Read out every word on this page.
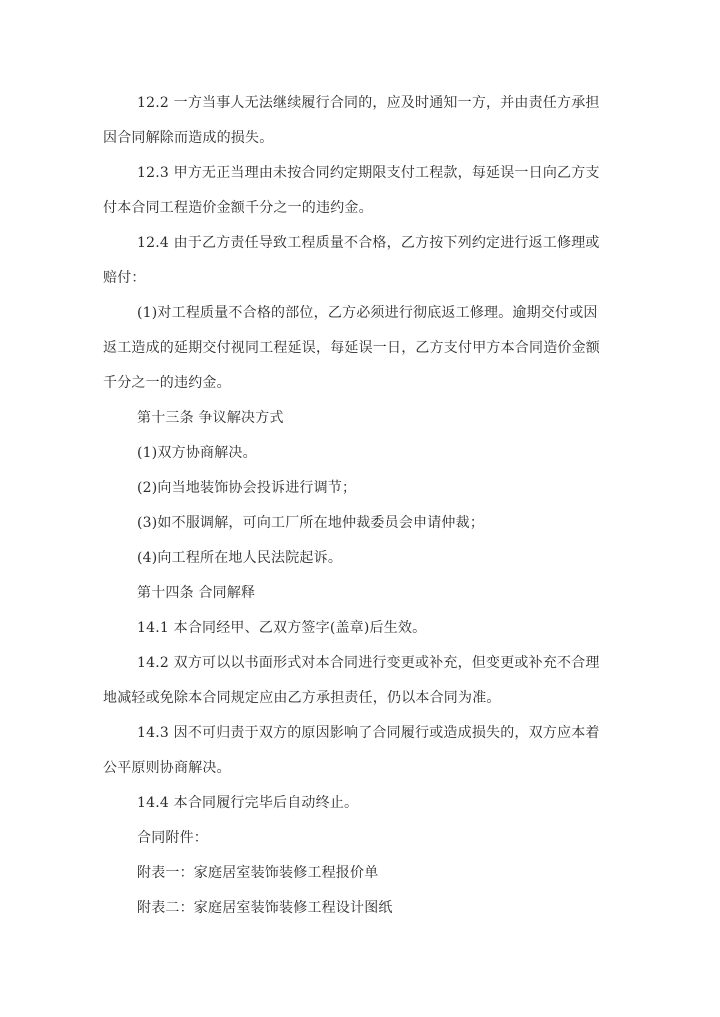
12.2 一方当事人无法继续履行合同的，应及时通知一方，并由责任方承担
因合同解除而造成的损失。
12.3 甲方无正当理由未按合同约定期限支付工程款，每延误一日向乙方支
付本合同工程造价金额千分之一的违约金。
12.4 由于乙方责任导致工程质量不合格，乙方按下列约定进行返工修理或
赔付：
(1)对工程质量不合格的部位，乙方必须进行彻底返工修理。逾期交付或因
返工造成的延期交付视同工程延误，每延误一日，乙方支付甲方本合同造价金额
千分之一的违约金。
第十三条 争议解决方式
(1)双方协商解决。
(2)向当地装饰协会投诉进行调节；
(3)如不服调解，可向工厂所在地仲裁委员会申请仲裁；
(4)向工程所在地人民法院起诉。
第十四条 合同解释
14.1 本合同经甲、乙双方签字(盖章)后生效。
14.2 双方可以以书面形式对本合同进行变更或补充，但变更或补充不合理
地减轻或免除本合同规定应由乙方承担责任，仍以本合同为准。
14.3 因不可归责于双方的原因影响了合同履行或造成损失的，双方应本着
公平原则协商解决。
14.4 本合同履行完毕后自动终止。
合同附件：
附表一：家庭居室装饰装修工程报价单
附表二：家庭居室装饰装修工程设计图纸
